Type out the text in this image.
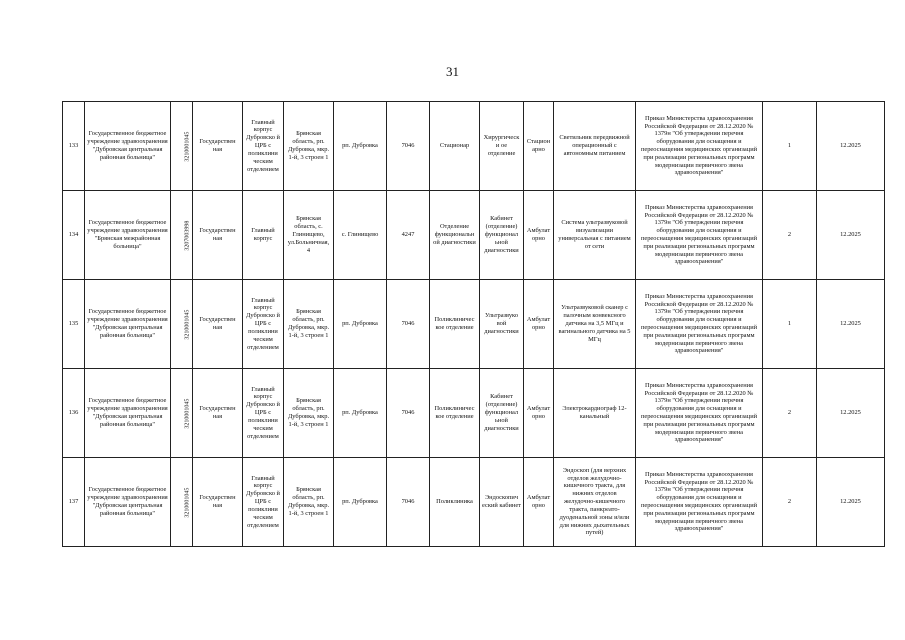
31
133	Государственное бюджетное учреждение здравоохранения "Дубровская центральная районная больница"	3210001045	Государствен ная	Главный корпус Дубровско й ЦРБ с поликлини ческим отделением	Брянская область, рп. Дубровка, мкр. 1-й, 3 строен 1	рп. Дубровка	7046	Стационар	Хирургически ое отделение	Стацион арно	Светильник передвижной операционный с автономным питанием	Приказ Министерства здравоохранения Российской Федерации от 28.12.2020 № 1379н "Об утверждении перечня оборудования для оснащения и переоснащения медицинских организаций при реализации региональных программ модернизации первичного звена здравоохранения"	1	12.2025
134	Государственное бюджетное учреждение здравоохранения "Брянская межрайонная больница"	3207003998	Государствен ная	Главный корпус	Брянская область, с. Глинищево, ул.Больничная, 4	с. Глинищево	4247	Отделение функциональн ой диагностики	Кабинет (отделение) функционал ьной диагностики	Амбулат орно	Система ультразвуковой визуализации универсальная с питанием от сети	Приказ Министерства здравоохранения Российской Федерации от 28.12.2020 № 1379н "Об утверждении перечня оборудования для оснащения и переоснащения медицинских организаций при реализации региональных программ модернизации первичного звена здравоохранения"	2	12.2025
135	Государственное бюджетное учреждение здравоохранения "Дубровская центральная районная больница"	3210001045	Государствен ная	Главный корпус Дубровско й ЦРБ с поликлини ческим отделением	Брянская область, рп. Дубровка, мкр. 1-й, 3 строен 1	рп. Дубровка	7046	Поликлиничес кое отделение	Ультразвуко вой диагностики	Амбулат орно	Ультразвуковой сканер с палочным конвексного датчика на 3,5 МГц и вагинального датчика на 5 МГц	Приказ Министерства здравоохранения Российской Федерации от 28.12.2020 № 1379н "Об утверждении перечня оборудования для оснащения и переоснащения медицинских организаций при реализации региональных программ модернизации первичного звена здравоохранения"	1	12.2025
136	Государственное бюджетное учреждение здравоохранения "Дубровская центральная районная больница"	3210001045	Государствен ная	Главный корпус Дубровско й ЦРБ с поликлини ческим отделением	Брянская область, рп. Дубровка, мкр. 1-й, 3 строен 1	рп. Дубровка	7046	Поликлиничес кое отделение	Кабинет (отделение) функционал ьной диагностики	Амбулат орно	Электрокардиограф 12-канальный	Приказ Министерства здравоохранения Российской Федерации от 28.12.2020 № 1379н "Об утверждении перечня оборудования для оснащения и переоснащения медицинских организаций при реализации региональных программ модернизации первичного звена здравоохранения"	2	12.2025
137	Государственное бюджетное учреждение здравоохранения "Дубровская центральная районная больница"	3210001045	Государствен ная	Главный корпус Дубровско й ЦРБ с поликлини ческим отделением	Брянская область, рп. Дубровка, мкр. 1-й, 3 строен 1	рп. Дубровка	7046	Поликлиника	Эндоскопич еский кабинет	Амбулат орно	Эндоскоп (для верхних отделов желудочно-кишечного тракта, для нижних отделов желудочно-кишечного тракта, панкреато-дуоденальной зоны и/или для нижних дыхательных путей)	Приказ Министерства здравоохранения Российской Федерации от 28.12.2020 № 1379н "Об утверждении перечня оборудования для оснащения и переоснащения медицинских организаций при реализации региональных программ модернизации первичного звена здравоохранения"	2	12.2025
